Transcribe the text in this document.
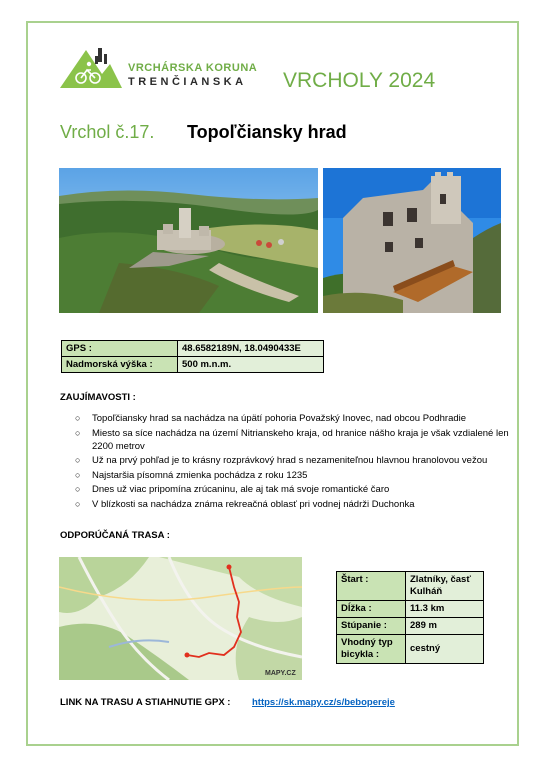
VRCHÁRSKA KORUNA
TRENČIANSKA VRCHOLY 2024
Vrchol č.17. Topoľčiansky hrad
GPS :	48.6582189N, 18.0490433E
Nadmorská výška :	500 m.n.m.
ZAUJÍMAVOSTI :
○ Topoľčiansky hrad sa nachádza na úpätí pohoria Považský Inovec, nad obcou Podhradie
○ Miesto sa síce nachádza na území Nitrianskeho kraja, od hranice nášho kraja je však vzdialené len 2200 metrov
○ Už na prvý pohľad je to krásny rozprávkový hrad s nezameniteľnou hlavnou hranolovou vežou
○ Najstaršia písomná zmienka pochádza z roku 1235
○ Dnes už viac pripomína zrúcaninu, ale aj tak má svoje romantické čaro
○ V blízkosti sa nachádza známa rekreačná oblasť pri vodnej nádrži Duchonka
ODPORÚČANÁ TRASA :
MAPY.CZ
Štart :	Zlatníky, časť Kulháň
Dĺžka :	11.3 km
Stúpanie :	289 m
Vhodný typ bicykla :	cestný
LINK NA TRASU A STIAHNUTIE GPX : https://sk.mapy.cz/s/bebopereje
